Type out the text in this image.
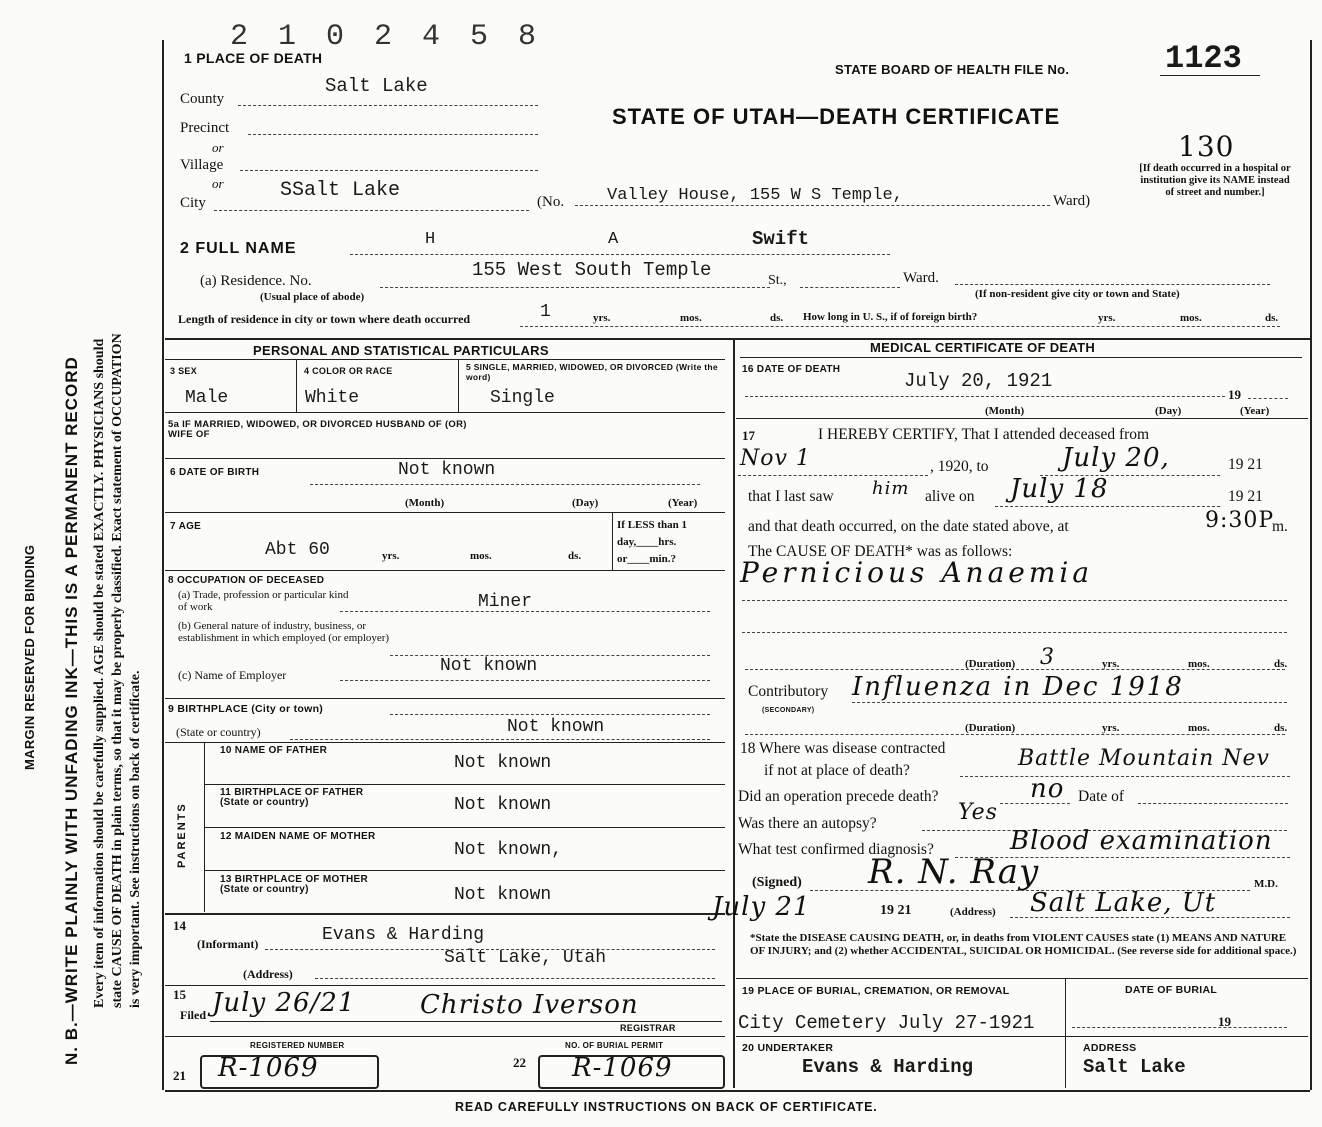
MARGIN RESERVED FOR BINDING N. B.—WRITE PLAINLY WITH UNFADING INK—THIS IS A PERMANENT RECORD Every item of information should be carefully supplied. AGE should be stated EXACTLY. PHYSICIANS should state CAUSE OF DEATH in plain terms, so that it may be properly classified. Exact statement of OCCUPATION is very important. See instructions on back of certificate.
2 1 0 2 4 5 8
1 PLACE OF DEATH
STATE BOARD OF HEALTH FILE No.	1123
STATE OF UTAH—DEATH CERTIFICATE
130
[If death occurred in a hospital or institution give its NAME instead of street and number.]
County
Salt Lake
Precinct
or
Village
or
City
SSalt Lake	(No.	Valley House, 155 W S Temple,	Ward)
2 FULL NAME	H	A	Swift
(a) Residence. No.	155 West South Temple	St.,	Ward.
(Usual place of abode)	(If non-resident give city or town and State)
Length of residence in city or town where death occurred	1	yrs.	mos.	ds. How long in U. S., if of foreign birth?	yrs.	mos.	ds.
PERSONAL AND STATISTICAL PARTICULARS	MEDICAL CERTIFICATE OF DEATH
3 SEX
Male
4 COLOR OR RACE
White
5 SINGLE, MARRIED, WIDOWED, OR DIVORCED (Write the word)
Single
5a IF MARRIED, WIDOWED, OR DIVORCED HUSBAND OF (OR) WIFE OF
6 DATE OF BIRTH	Not known
(Month)	(Day)	(Year)
7 AGE
Abt 60	yrs.	mos.	ds.
If LESS than 1 day,____hrs. or____min.?
8 OCCUPATION OF DECEASED
(a) Trade, profession or particular kind of work	Miner
(b) General nature of industry, business, or establishment in which employed (or employer)
(c) Name of Employer	Not known
9 BIRTHPLACE (City or town)
(State or country)	Not known
PARENTS
10 NAME OF FATHER
Not known
11 BIRTHPLACE OF FATHER (State or country)	Not known
12 MAIDEN NAME OF MOTHER
Not known,
13 BIRTHPLACE OF MOTHER (State or country)	Not known
14
(Informant)	Evans & Harding
(Address)
Salt Lake, Utah
15
Filed July 26/21 Christo Iverson
REGISTRAR
REGISTERED NUMBER
21 R-1069
NO. OF BURIAL PERMIT
22 R-1069
16 DATE OF DEATH
July 20, 1921
19
(Month)	(Day)	(Year)
17	I HEREBY CERTIFY, That I attended deceased from
Nov 1	, 1920, to	July 20,	19 21
that I last saw him alive on July 18	19 21
and that death occurred, on the date stated above, at	9:30P
m.
The CAUSE OF DEATH* was as follows:
Pernicious Anaemia
(Duration) 3	yrs.	mos.	ds.
Contributory
(SECONDARY)
Influenza in Dec 1918
(Duration)	yrs.	mos.	ds.
18 Where was disease contracted
if not at place of death?	Battle Mountain Nev
Did an operation precede death?	no Date of
Was there an autopsy?	Yes
What test confirmed diagnosis?	Blood examination
(Signed) R. N. Ray	M.D.
July 21	19 21	(Address) Salt Lake, Ut
*State the DISEASE CAUSING DEATH, or, in deaths from VIOLENT CAUSES state (1) MEANS AND NATURE OF INJURY; and (2) whether ACCIDENTAL, SUICIDAL OR HOMICIDAL. (See reverse side for additional space.)
19 PLACE OF BURIAL, CREMATION, OR REMOVAL
City Cemetery July 27-1921
DATE OF BURIAL
19
20 UNDERTAKER
Evans & Harding
ADDRESS
Salt Lake
READ CAREFULLY INSTRUCTIONS ON BACK OF CERTIFICATE.
